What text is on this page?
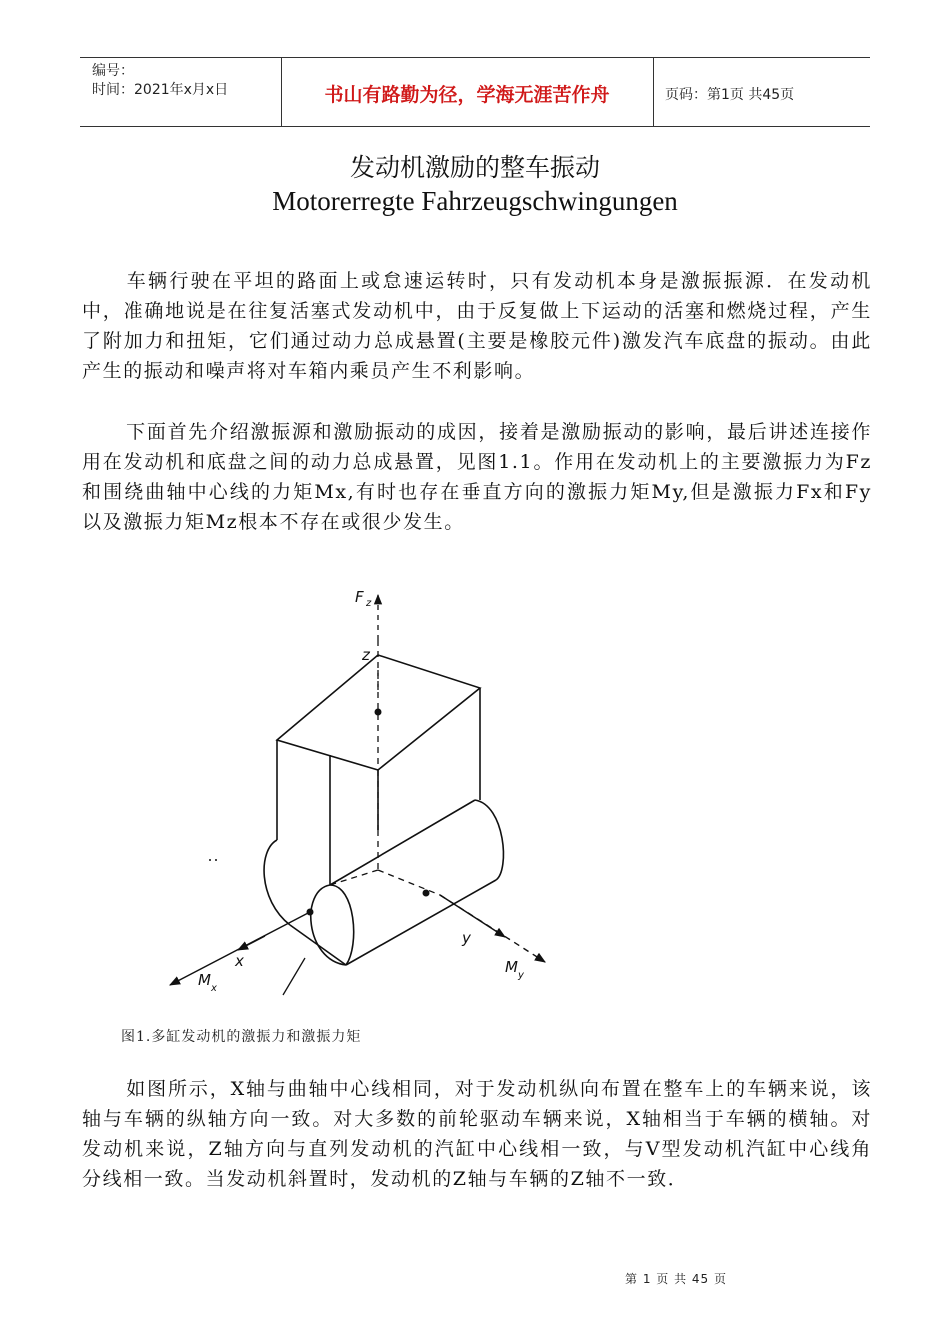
编号：
时间：2021年x月x日	书山有路勤为径，学海无涯苦作舟	页码：第1页 共45页
发动机激励的整车振动
Motorerregte Fahrzeugschwingungen
车辆行驶在平坦的路面上或怠速运转时，只有发动机本身是激振振源．在发动机中，准确地说是在往复活塞式发动机中，由于反复做上下运动的活塞和燃烧过程，产生了附加力和扭矩，它们通过动力总成悬置(主要是橡胶元件)激发汽车底盘的振动。由此产生的振动和噪声将对车箱内乘员产生不利影响。
下面首先介绍激振源和激励振动的成因，接着是激励振动的影响，最后讲述连接作用在发动机和底盘之间的动力总成悬置，见图1.1。作用在发动机上的主要激振力为Fz和围绕曲轴中心线的力矩Mx,有时也存在垂直方向的激振力矩My,但是激振力Fx和Fy以及激振力矩Mz根本不存在或很少发生。
F z
z
y
x
M x
M y
图1.多缸发动机的激振力和激振力矩
如图所示，X轴与曲轴中心线相同，对于发动机纵向布置在整车上的车辆来说，该轴与车辆的纵轴方向一致。对大多数的前轮驱动车辆来说，X轴相当于车辆的横轴。对发动机来说，Z轴方向与直列发动机的汽缸中心线相一致，与V型发动机汽缸中心线角分线相一致。当发动机斜置时，发动机的Z轴与车辆的Z轴不一致．
第 1 页 共 45 页
